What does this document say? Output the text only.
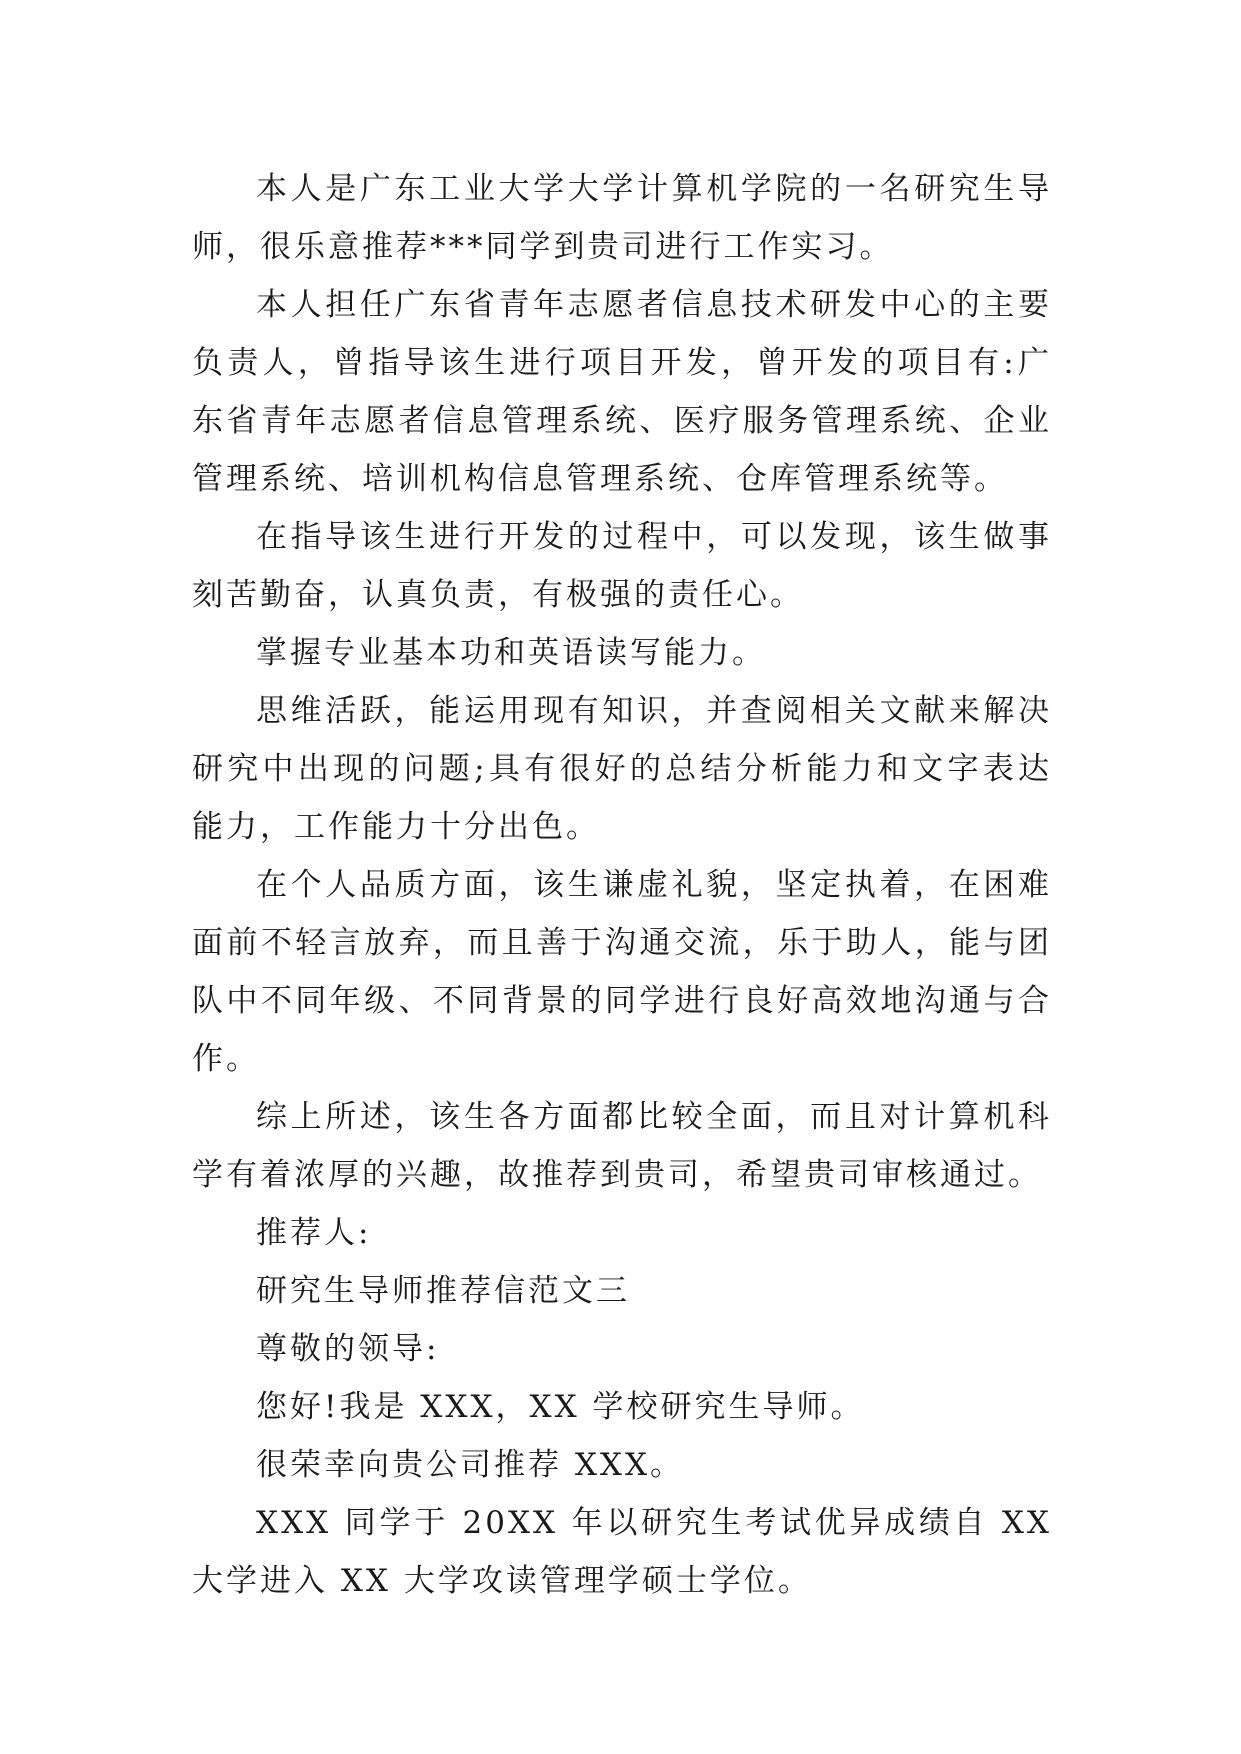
本人是广东工业大学大学计算机学院的一名研究生导师，很乐意推荐***同学到贵司进行工作实习。

本人担任广东省青年志愿者信息技术研发中心的主要负责人，曾指导该生进行项目开发，曾开发的项目有:广东省青年志愿者信息管理系统、医疗服务管理系统、企业管理系统、培训机构信息管理系统、仓库管理系统等。

在指导该生进行开发的过程中，可以发现，该生做事刻苦勤奋，认真负责，有极强的责任心。

掌握专业基本功和英语读写能力。

思维活跃，能运用现有知识，并查阅相关文献来解决研究中出现的问题;具有很好的总结分析能力和文字表达能力，工作能力十分出色。

在个人品质方面，该生谦虚礼貌，坚定执着，在困难面前不轻言放弃，而且善于沟通交流，乐于助人，能与团队中不同年级、不同背景的同学进行良好高效地沟通与合作。

综上所述，该生各方面都比较全面，而且对计算机科学有着浓厚的兴趣，故推荐到贵司，希望贵司审核通过。

推荐人:

研究生导师推荐信范文三

尊敬的领导:

您好!我是 XXX，XX 学校研究生导师。

很荣幸向贵公司推荐 XXX。

XXX 同学于 20XX 年以研究生考试优异成绩自 XX 大学进入 XX 大学攻读管理学硕士学位。
